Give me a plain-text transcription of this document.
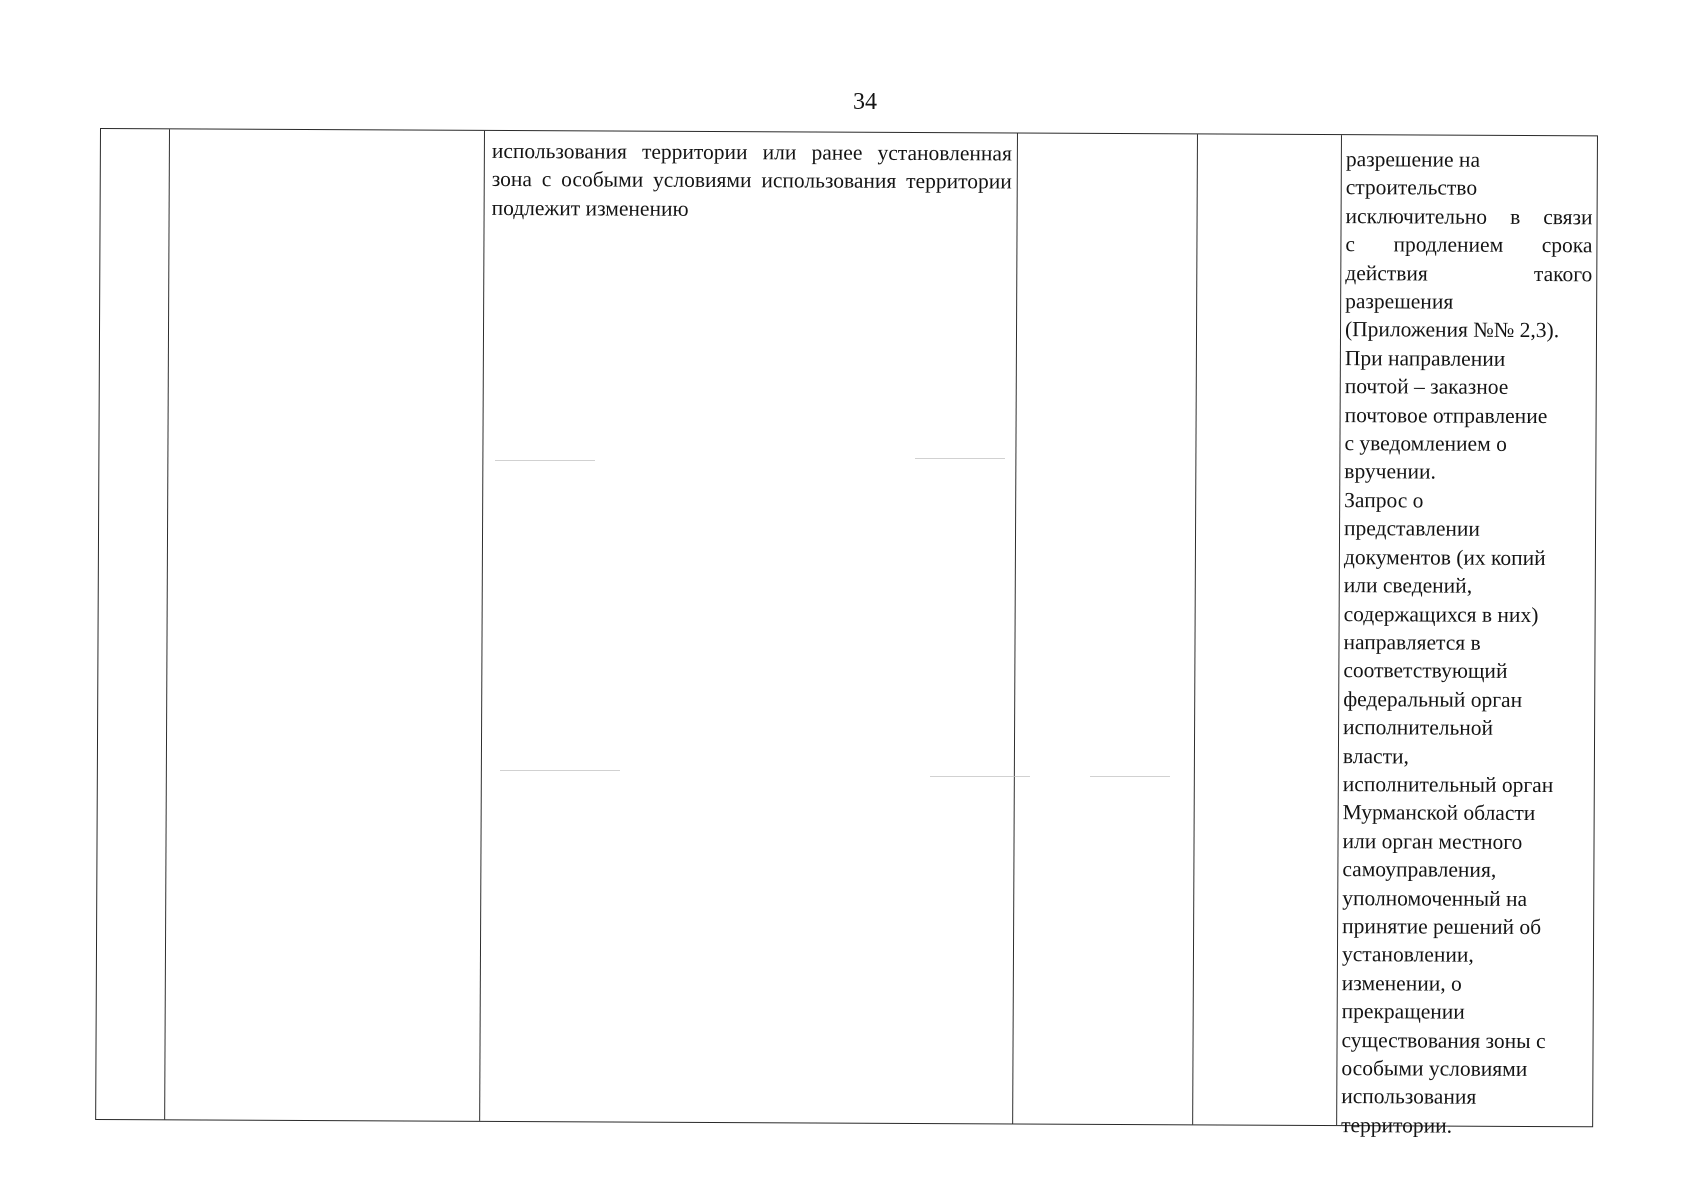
34
использования территории или ранее установленная зона с особыми условиями использования территории подлежит изменению

разрешение на

строительство

исключительно в связи

с продлением срока

действия такого

разрешения

(Приложения №№ 2,3).

При направлении

почтой – заказное

почтовое отправление

с уведомлением о

вручении.

Запрос о

представлении

документов (их копий

или сведений,

содержащихся в них)

направляется в

соответствующий

федеральный орган

исполнительной

власти,

исполнительный орган

Мурманской области

или орган местного

самоуправления,

уполномоченный на

принятие решений об

установлении,

изменении, о

прекращении

существования зоны с

особыми условиями

использования

территории.
